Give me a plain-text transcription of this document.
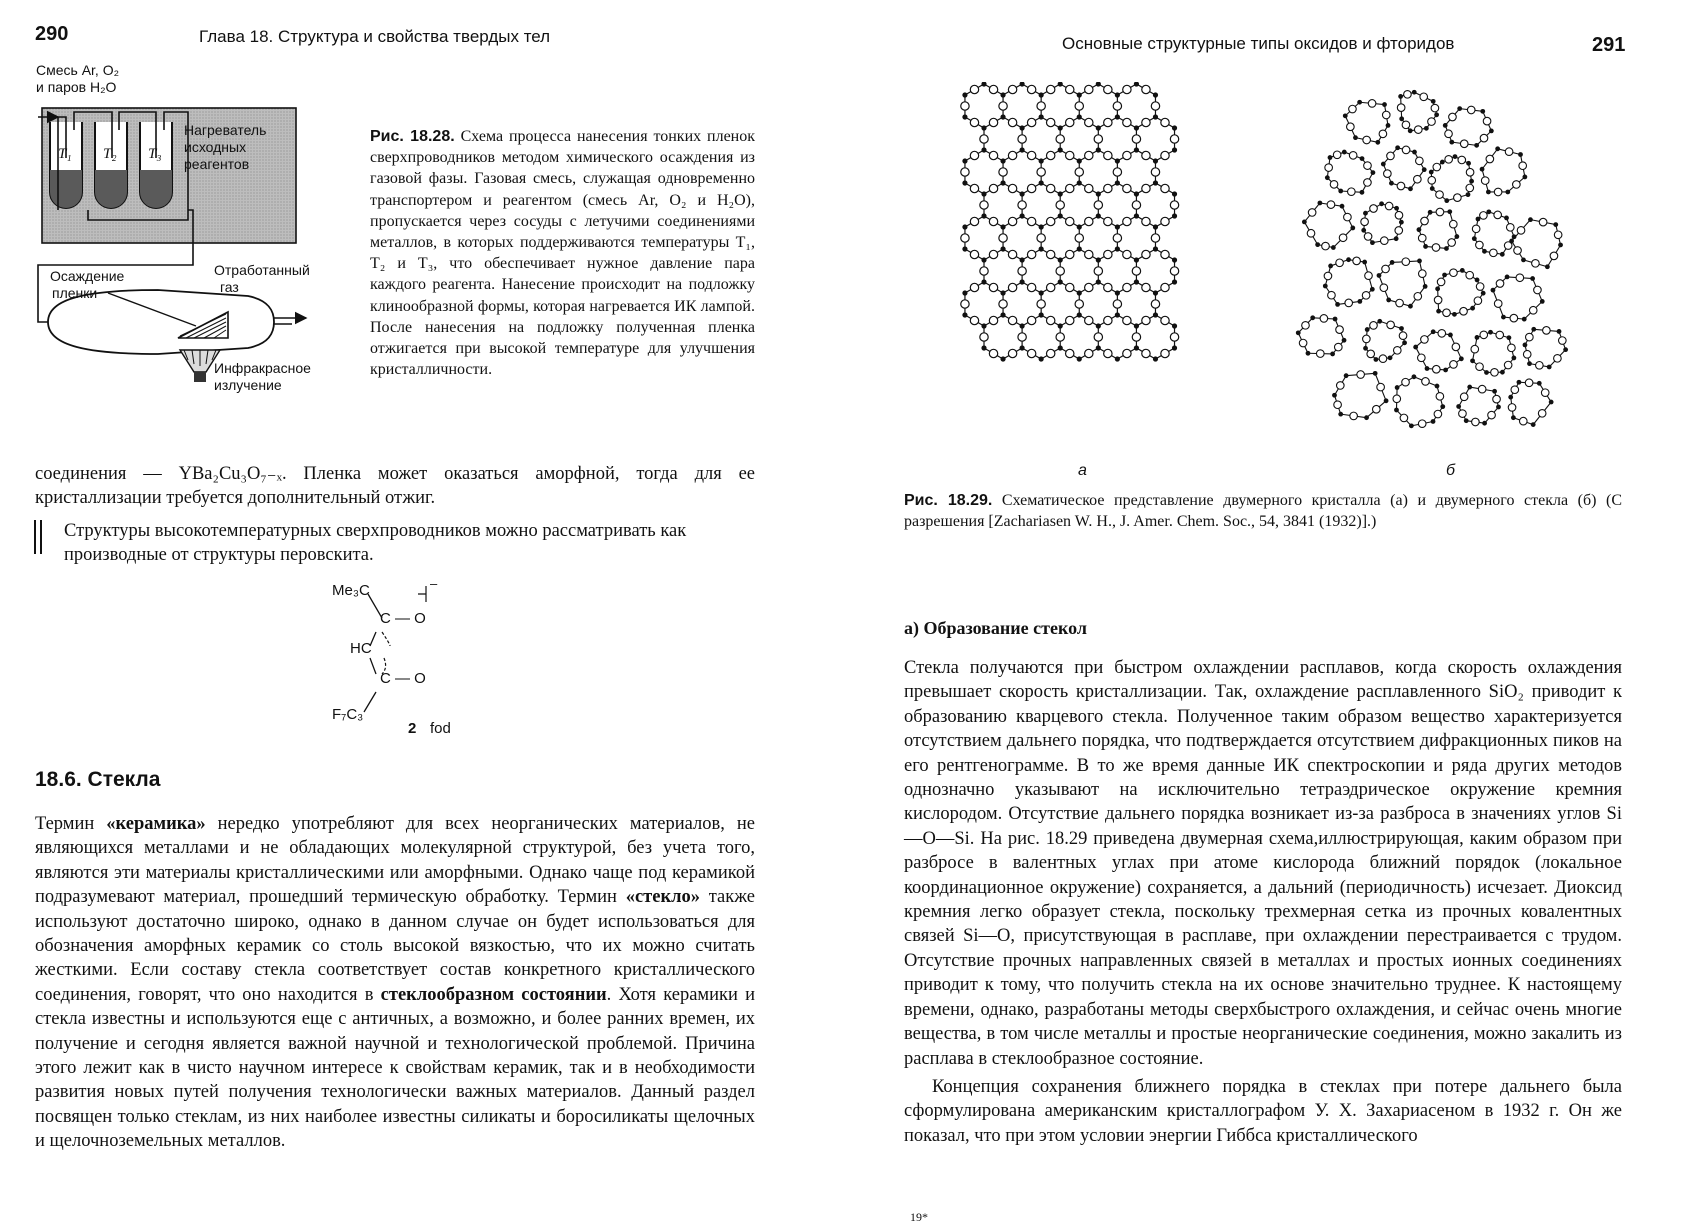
290	Глава 18. Структура и свойства твердых тел
Смесь Ar, O₂
и паров H₂O
T₁ T₂ T₃
Нагреватель
исходных
реагентов
Осаждение
пленки
Отработанный
газ
Инфракрасное
излучение
Рис. 18.28. Схема процесса нанесения тонких пленок сверхпроводников методом химического осаждения из газовой фазы. Газовая смесь, служащая одновременно транспортером и реагентом (смесь Ar, O₂ и H₂O), пропускается через сосуды с летучими соединениями металлов, в которых поддерживаются температуры T₁, T₂ и T₃, что обеспечивает нужное давление пара каждого реагента. Нанесение происходит на подложку клинообразной формы, которая нагревается ИК лампой. После нанесения на подложку полученная пленка отжигается при высокой температуре для улучшения кристалличности.
соединения — YBa₂Cu₃O₇₋ₓ. Пленка может оказаться аморфной, тогда для ее кристаллизации требуется дополнительный отжиг.
Структуры высокотемпературных сверхпроводников можно рассматривать как производные от структуры перовскита.
Me₃C
C — O
HC
C — O
F₇C₃
2 fod
–
18.6. Стекла
Термин «керамика» нередко употребляют для всех неорганических материалов, не являющихся металлами и не обладающих молекулярной структурой, без учета того, являются эти материалы кристаллическими или аморфными. Однако чаще под керамикой подразумевают материал, прошедший термическую обработку. Термин «стекло» также используют достаточно широко, однако в данном случае он будет использоваться для обозначения аморфных керамик со столь высокой вязкостью, что их можно считать жесткими. Если составу стекла соответствует состав конкретного кристаллического соединения, говорят, что оно находится в стеклообразном состоянии. Хотя керамики и стекла известны и используются еще с античных, а возможно, и более ранних времен, их получение и сегодня является важной научной и технологической проблемой. Причина этого лежит как в чисто научном интересе к свойствам керамик, так и в необходимости развития новых путей получения технологически важных материалов. Данный раздел посвящен только стеклам, из них наиболее известны силикаты и боросиликаты щелочных и щелочноземельных металлов.
Основные структурные типы оксидов и фторидов	291
а	б
Рис. 18.29. Схематическое представление двумерного кристалла (а) и двумерного стекла (б) (С разрешения [Zachariasen W. H., J. Amer. Chem. Soc., 54, 3841 (1932)].)
а) Образование стекол

Стекла получаются при быстром охлаждении расплавов, когда скорость охлаждения превышает скорость кристаллизации. Так, охлаждение расплавленного SiO₂ приводит к образованию кварцевого стекла. Полученное таким образом вещество характеризуется отсутствием дальнего порядка, что подтверждается отсутствием дифракционных пиков на его рентгенограмме. В то же время данные ИК спектроскопии и ряда других методов однозначно указывают на исключительно тетраэдрическое окружение кремния кислородом. Отсутствие дальнего порядка возникает из-за разброса в значениях углов Si—O—Si. На рис. 18.29 приведена двумерная схема,иллюстрирующая, каким образом при разбросе в валентных углах при атоме кислорода ближний порядок (локальное координационное окружение) сохраняется, а дальний (периодичность) исчезает. Диоксид кремния легко образует стекла, поскольку трехмерная сетка из прочных ковалентных связей Si—O, присутствующая в расплаве, при охлаждении перестраивается с трудом. Отсутствие прочных направленных связей в металлах и простых ионных соединениях приводит к тому, что получить стекла на их основе значительно труднее. К настоящему времени, однако, разработаны методы сверхбыстрого охлаждения, и сейчас очень многие вещества, в том числе металлы и простые неорганические соединения, можно закалить из расплава в стеклообразное состояние.

Концепция сохранения ближнего порядка в стеклах при потере дальнего была сформулирована американским кристаллографом У. Х. Захариасеном в 1932 г. Он же показал, что при этом условии энергии Гиббса кристаллического

19*
